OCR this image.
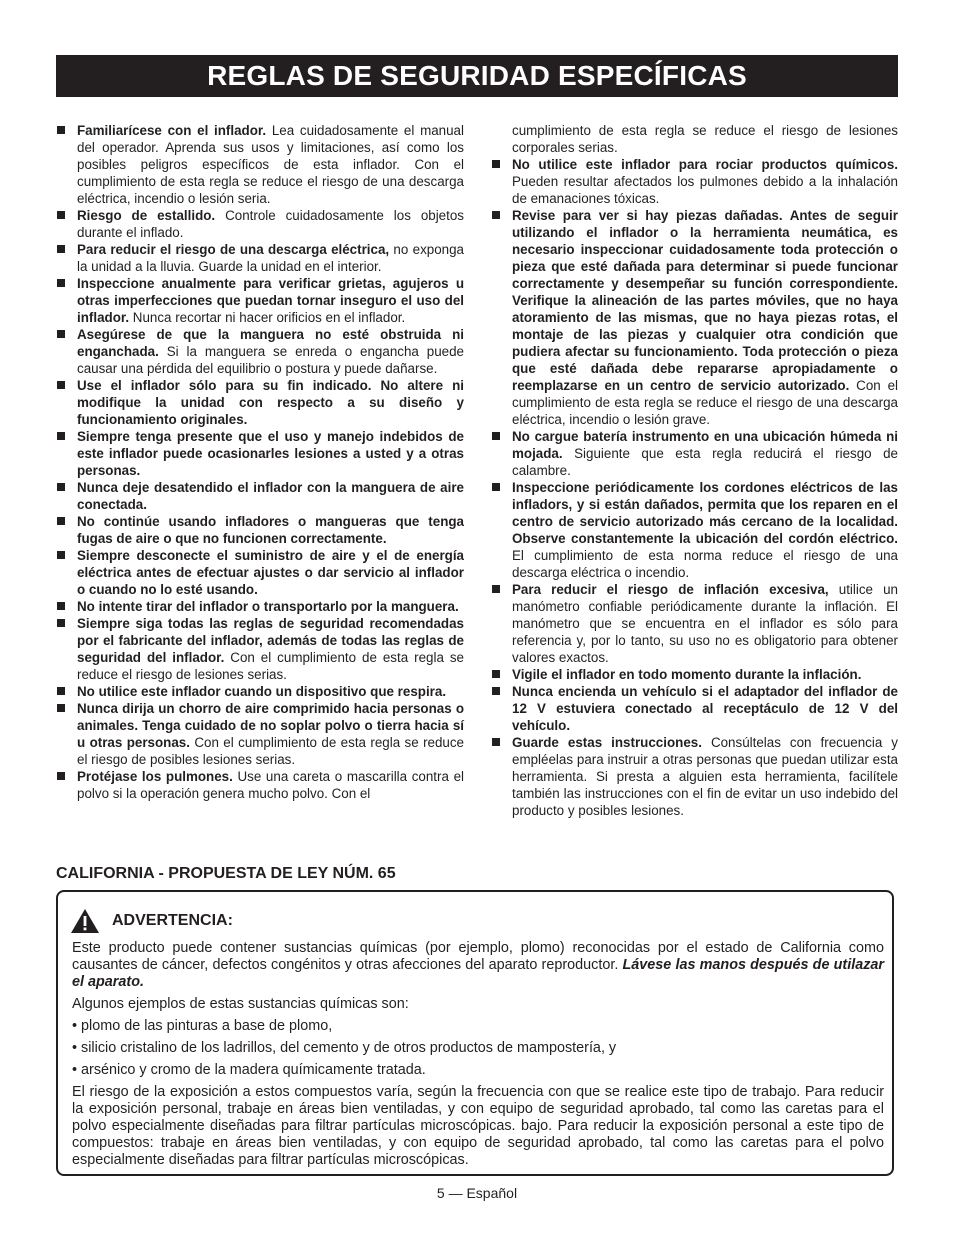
REGLAS DE SEGURIDAD ESPECÍFICAS
Familiarícese con el inflador. Lea cuidadosamente el manual del operador. Aprenda sus usos y limitaciones, así como los posibles peligros específicos de esta inflador. Con el cumplimiento de esta regla se reduce el riesgo de una descarga eléctrica, incendio o lesión seria.
Riesgo de estallido. Controle cuidadosamente los objetos durante el inflado.
Para reducir el riesgo de una descarga eléctrica, no exponga la unidad a la lluvia. Guarde la unidad en el interior.
Inspeccione anualmente para verificar grietas, agujeros u otras imperfecciones que puedan tornar inseguro el uso del inflador. Nunca recortar ni hacer orificios en el inflador.
Asegúrese de que la manguera no esté obstruida ni enganchada. Si la manguera se enreda o engancha puede causar una pérdida del equilibrio o postura y puede dañarse.
Use el inflador sólo para su fin indicado. No altere ni modifique la unidad con respecto a su diseño y funcionamiento originales.
Siempre tenga presente que el uso y manejo indebidos de este inflador puede ocasionarles lesiones a usted y a otras personas.
Nunca deje desatendido el inflador con la manguera de aire conectada.
No continúe usando infladores o mangueras que tenga fugas de aire o que no funcionen correctamente.
Siempre desconecte el suministro de aire y el de energía eléctrica antes de efectuar ajustes o dar servicio al inflador o cuando no lo esté usando.
No intente tirar del inflador o transportarlo por la manguera.
Siempre siga todas las reglas de seguridad recomendadas por el fabricante del inflador, además de todas las reglas de seguridad del inflador. Con el cumplimiento de esta regla se reduce el riesgo de lesiones serias.
No utilice este inflador cuando un dispositivo que respira.
Nunca dirija un chorro de aire comprimido hacia personas o animales. Tenga cuidado de no soplar polvo o tierra hacia sí u otras personas. Con el cumplimiento de esta regla se reduce el riesgo de posibles lesiones serias.
Protéjase los pulmones. Use una careta o mascarilla contra el polvo si la operación genera mucho polvo. Con el
cumplimiento de esta regla se reduce el riesgo de lesiones corporales serias.
No utilice este inflador para rociar productos químicos. Pueden resultar afectados los pulmones debido a la inhalación de emanaciones tóxicas.
Revise para ver si hay piezas dañadas. Antes de seguir utilizando el inflador o la herramienta neumática, es necesario inspeccionar cuidadosamente toda protección o pieza que esté dañada para determinar si puede funcionar correctamente y desempeñar su función correspondiente. Verifique la alineación de las partes móviles, que no haya atoramiento de las mismas, que no haya piezas rotas, el montaje de las piezas y cualquier otra condición que pudiera afectar su funcionamiento. Toda protección o pieza que esté dañada debe repararse apropiadamente o reemplazarse en un centro de servicio autorizado. Con el cumplimiento de esta regla se reduce el riesgo de una descarga eléctrica, incendio o lesión grave.
No cargue batería instrumento en una ubicación húmeda ni mojada. Siguiente que esta regla reducirá el riesgo de calambre.
Inspeccione periódicamente los cordones eléctricos de las infladors, y si están dañados, permita que los reparen en el centro de servicio autorizado más cercano de la localidad. Observe constantemente la ubicación del cordón eléctrico. El cumplimiento de esta norma reduce el riesgo de una descarga eléctrica o incendio.
Para reducir el riesgo de inflación excesiva, utilice un manómetro confiable periódicamente durante la inflación. El manómetro que se encuentra en el inflador es sólo para referencia y, por lo tanto, su uso no es obligatorio para obtener valores exactos.
Vigile el inflador en todo momento durante la inflación.
Nunca encienda un vehículo si el adaptador del inflador de 12 V estuviera conectado al receptáculo de 12 V del vehículo.
Guarde estas instrucciones. Consúltelas con frecuencia y empléelas para instruir a otras personas que puedan utilizar esta herramienta. Si presta a alguien esta herramienta, facilítele también las instrucciones con el fin de evitar un uso indebido del producto y posibles lesiones.
CALIFORNIA - PROPUESTA DE LEY NÚM. 65
ADVERTENCIA:

Este producto puede contener sustancias químicas (por ejemplo, plomo) reconocidas por el estado de California como causantes de cáncer, defectos congénitos y otras afecciones del aparato reproductor. Lávese las manos después de utilazar el aparato.

Algunos ejemplos de estas sustancias químicas son:

• plomo de las pinturas a base de plomo,

• silicio cristalino de los ladrillos, del cemento y de otros productos de mampostería, y

• arsénico y cromo de la madera químicamente tratada.

El riesgo de la exposición a estos compuestos varía, según la frecuencia con que se realice este tipo de trabajo. Para reducir la exposición personal, trabaje en áreas bien ventiladas, y con equipo de seguridad aprobado, tal como las caretas para el polvo especialmente diseñadas para filtrar partículas microscópicas. bajo. Para reducir la exposición personal a este tipo de compuestos: trabaje en áreas bien ventiladas, y con equipo de seguridad aprobado, tal como las caretas para el polvo especialmente diseñadas para filtrar partículas microscópicas.

5 — Español
